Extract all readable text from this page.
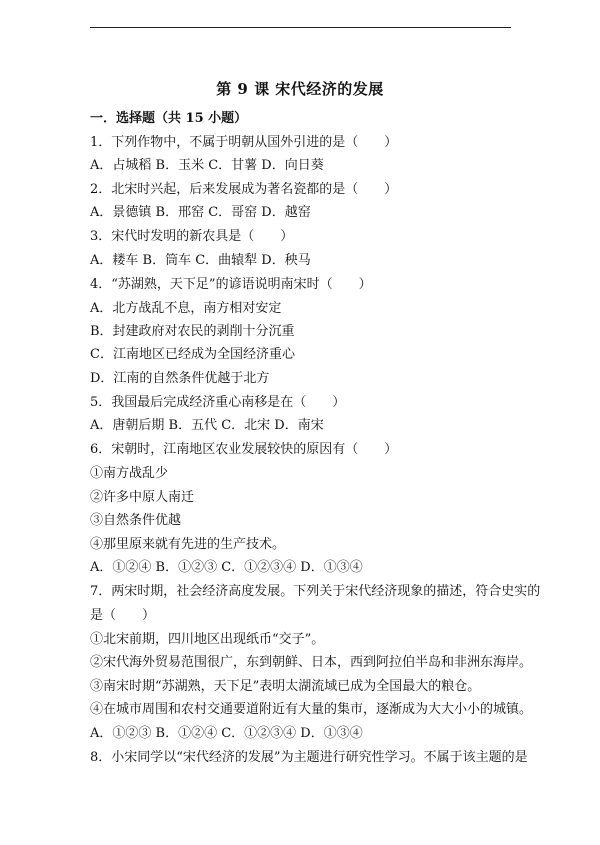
第 9 课 宋代经济的发展
一．选择题（共 15 小题）
1．下列作物中，不属于明朝从国外引进的是（　　）
A．占城稻 B．玉米 C．甘薯 D．向日葵
2．北宋时兴起，后来发展成为著名瓷都的是（　　）
A．景德镇 B．邢窑 C．哥窑 D．越窑
3．宋代时发明的新农具是（　　）
A．耧车 B．筒车 C．曲辕犁 D．秧马
4．“苏湖熟，天下足”的谚语说明南宋时（　　）
A．北方战乱不息，南方相对安定
B．封建政府对农民的剥削十分沉重
C．江南地区已经成为全国经济重心
D．江南的自然条件优越于北方
5．我国最后完成经济重心南移是在（　　）
A．唐朝后期 B．五代 C．北宋 D．南宋
6．宋朝时，江南地区农业发展较快的原因有（　　）
①南方战乱少
②许多中原人南迁
③自然条件优越
④那里原来就有先进的生产技术。
A．①②④ B．①②③ C．①②③④ D．①③④
7．两宋时期，社会经济高度发展。下列关于宋代经济现象的描述，符合史实的
是（　　）
①北宋前期，四川地区出现纸币“交子”。
②宋代海外贸易范围很广，东到朝鲜、日本，西到阿拉伯半岛和非洲东海岸。
③南宋时期“苏湖熟，天下足”表明太湖流域已成为全国最大的粮仓。
④在城市周围和农村交通要道附近有大量的集市，逐渐成为大大小小的城镇。
A．①②③ B．①②④ C．①②③④ D．①③④
8．小宋同学以“宋代经济的发展”为主题进行研究性学习。不属于该主题的是
